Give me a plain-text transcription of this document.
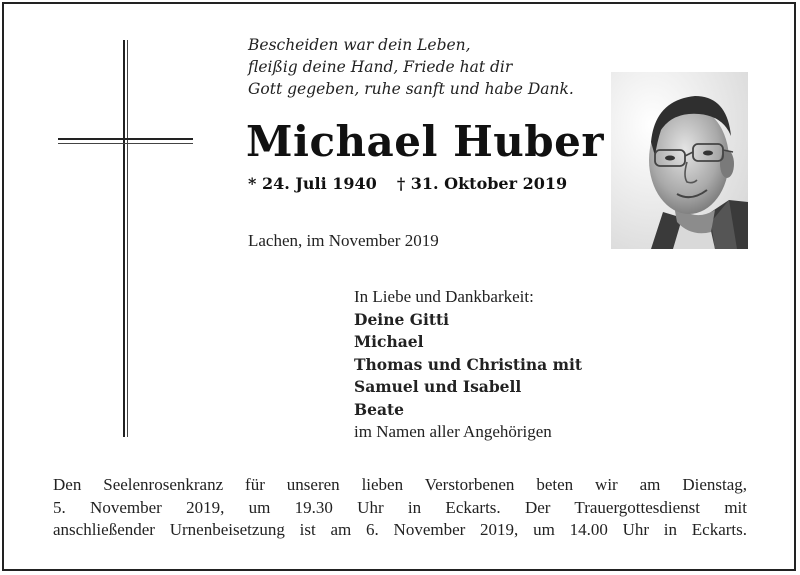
Bescheiden war dein Leben,
fleißig deine Hand, Friede hat dir
Gott gegeben, ruhe sanft und habe Dank.
Michael Huber
* 24. Juli 1940 † 31. Oktober 2019
Lachen, im November 2019
In Liebe und Dankbarkeit:
Deine Gitti
Michael
Thomas und Christina mit
Samuel und Isabell
Beate
im Namen aller Angehörigen
Den Seelenrosenkranz für unseren lieben Verstorbenen beten wir am Dienstag,
5. November 2019, um 19.30 Uhr in Eckarts. Der Trauergottesdienst mit
anschließender Urnenbeisetzung ist am 6. November 2019, um 14.00 Uhr in Eckarts.
